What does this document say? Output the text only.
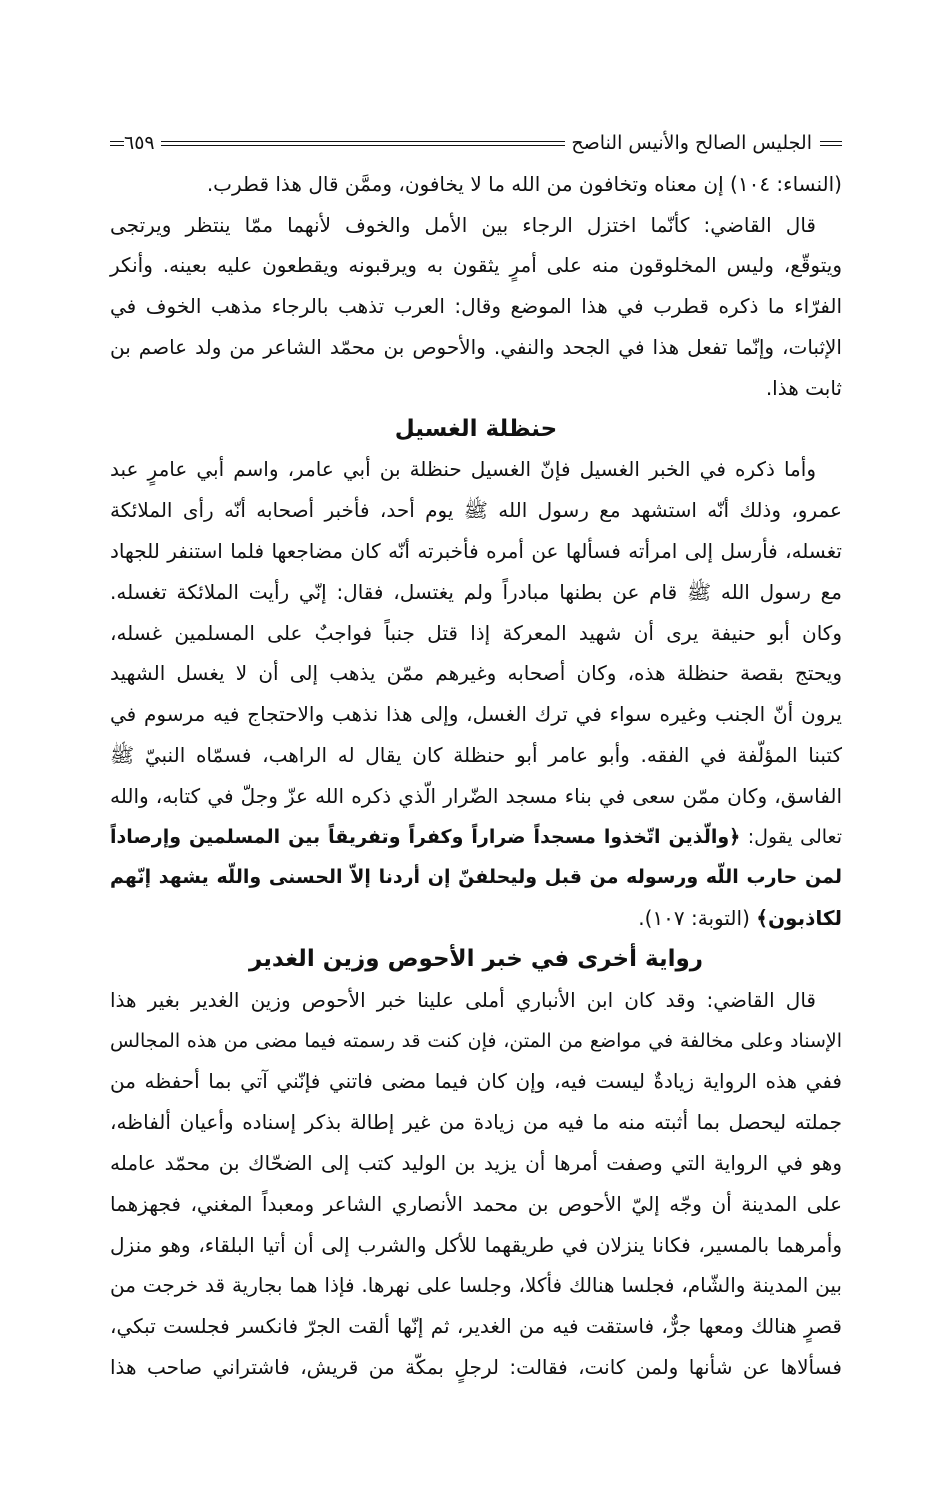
الجليس الصالح والأنيس الناصح
٦٥٩
(النساء: ١٠٤) إن معناه وتخافون من الله ما لا يخافون، وممَّن قال هذا قطرب.
قال القاضي: كأنّما اختزل الرجاء بين الأمل والخوف لأنهما ممّا ينتظر ويرتجى
ويتوقّع، وليس المخلوقون منه على أمرٍ يثقون به ويرقبونه ويقطعون عليه بعينه. وأنكر
الفرّاء ما ذكره قطرب في هذا الموضع وقال: العرب تذهب بالرجاء مذهب الخوف في
الإثبات، وإنّما تفعل هذا في الجحد والنفي. والأحوص بن محمّد الشاعر من ولد عاصم بن
ثابت هذا.
حنظلة الغسيل
وأما ذكره في الخبر الغسيل فإنّ الغسيل حنظلة بن أبي عامر، واسم أبي عامرٍ عبد
عمرو، وذلك أنّه استشهد مع رسول الله ﷺ يوم أحد، فأخبر أصحابه أنّه رأى الملائكة
تغسله، فأرسل إلى امرأته فسألها عن أمره فأخبرته أنّه كان مضاجعها فلما استنفر للجهاد
مع رسول الله ﷺ قام عن بطنها مبادراً ولم يغتسل، فقال: إنّي رأيت الملائكة تغسله.
وكان أبو حنيفة يرى أن شهيد المعركة إذا قتل جنباً فواجبٌ على المسلمين غسله،
ويحتج بقصة حنظلة هذه، وكان أصحابه وغيرهم ممّن يذهب إلى أن لا يغسل الشهيد
يرون أنّ الجنب وغيره سواء في ترك الغسل، وإلى هذا نذهب والاحتجاج فيه مرسوم في
كتبنا المؤلّفة في الفقه. وأبو عامر أبو حنظلة كان يقال له الراهب، فسمّاه النبيّ ﷺ
الفاسق، وكان ممّن سعى في بناء مسجد الضّرار الّذي ذكره الله عزّ وجلّ في كتابه، والله
تعالى يقول: ﴿والّذين اتّخذوا مسجداً ضراراً وكفراً وتفريقاً بين المسلمين وإرصاداً
لمن حارب اللّه ورسوله من قبل وليحلفنّ إن أردنا إلاّ الحسنى واللّه يشهد إنّهم
لكاذبون﴾ (التوبة: ١٠٧).
رواية أخرى في خبر الأحوص وزين الغدير
قال القاضي: وقد كان ابن الأنباري أملى علينا خبر الأحوص وزين الغدير بغير هذا
الإسناد وعلى مخالفة في مواضع من المتن، فإن كنت قد رسمته فيما مضى من هذه المجالس
ففي هذه الرواية زيادةٌ ليست فيه، وإن كان فيما مضى فاتني فإنّني آتي بما أحفظه من
جملته ليحصل بما أثبته منه ما فيه من زيادة من غير إطالة بذكر إسناده وأعيان ألفاظه،
وهو في الرواية التي وصفت أمرها أن يزيد بن الوليد كتب إلى الضحّاك بن محمّد عامله
على المدينة أن وجّه إليّ الأحوص بن محمد الأنصاري الشاعر ومعبداً المغني، فجهزهما
وأمرهما بالمسير، فكانا ينزلان في طريقهما للأكل والشرب إلى أن أتيا البلقاء، وهو منزل
بين المدينة والشّام، فجلسا هنالك فأكلا، وجلسا على نهرها. فإذا هما بجارية قد خرجت من
قصرٍ هنالك ومعها جرٌّ، فاستقت فيه من الغدير، ثم إنّها ألقت الجرّ فانكسر فجلست تبكي،
فسألاها عن شأنها ولمن كانت، فقالت: لرجلٍ بمكّة من قريش، فاشتراني صاحب هذا
